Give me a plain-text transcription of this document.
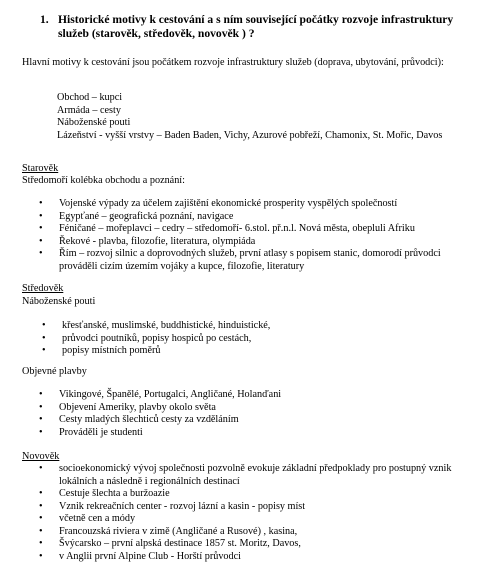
1. Historické motivy k cestování a s ním související počátky rozvoje infrastruktury služeb (starověk, středověk, novověk ) ?
Hlavní motivy k cestování jsou počátkem rozvoje infrastruktury služeb (doprava, ubytování, průvodci):
Obchod – kupci
Armáda – cesty
Náboženské pouti
Lázeňství - vyšší vrstvy – Baden Baden, Vichy, Azurové pobřeží, Chamonix, St. Mořic, Davos
Starověk
Středomoří kolébka obchodu a poznání:
• Vojenské výpady za účelem zajištění ekonomické prosperity vyspělých společností
• Egypťané – geografická poznání, navigace
• Féničané – mořeplavci – cedry – středomoří- 6.stol. př.n.l. Nová města, obepluli Afriku
• Řekové - plavba, filozofie, literatura, olympiáda
• Řím – rozvoj silnic a doprovodných služeb, první atlasy s popisem stanic, domorodí průvodci prováděli cizím územím vojáky a kupce, filozofie, literatury
Středověk
Náboženské pouti
• křesťanské, muslimské, buddhistické, hinduistické,
• průvodci poutníků, popisy hospiců po cestách,
• popisy místních poměrů
Objevné plavby
• Vikingové, Španělé, Portugalci, Angličané, Holanďani
• Objevení Ameriky, plavby okolo světa
• Cesty mladých šlechticů cesty za vzděláním
• Prováděli je studenti
Novověk
• socioekonomický vývoj společnosti pozvolně evokuje základní předpoklady pro postupný vznik lokálních a následně i regionálních destinací
• Cestuje šlechta a buržoazie
• Vznik rekreačních center - rozvoj lázní a kasin - popisy míst
• včetně cen a módy
• Francouzská riviera v zimě (Angličané a Rusové) , kasina,
• Švýcarsko – první alpská destinace 1857 st. Moritz, Davos,
• v Anglii první Alpine Club - Horští průvodci
